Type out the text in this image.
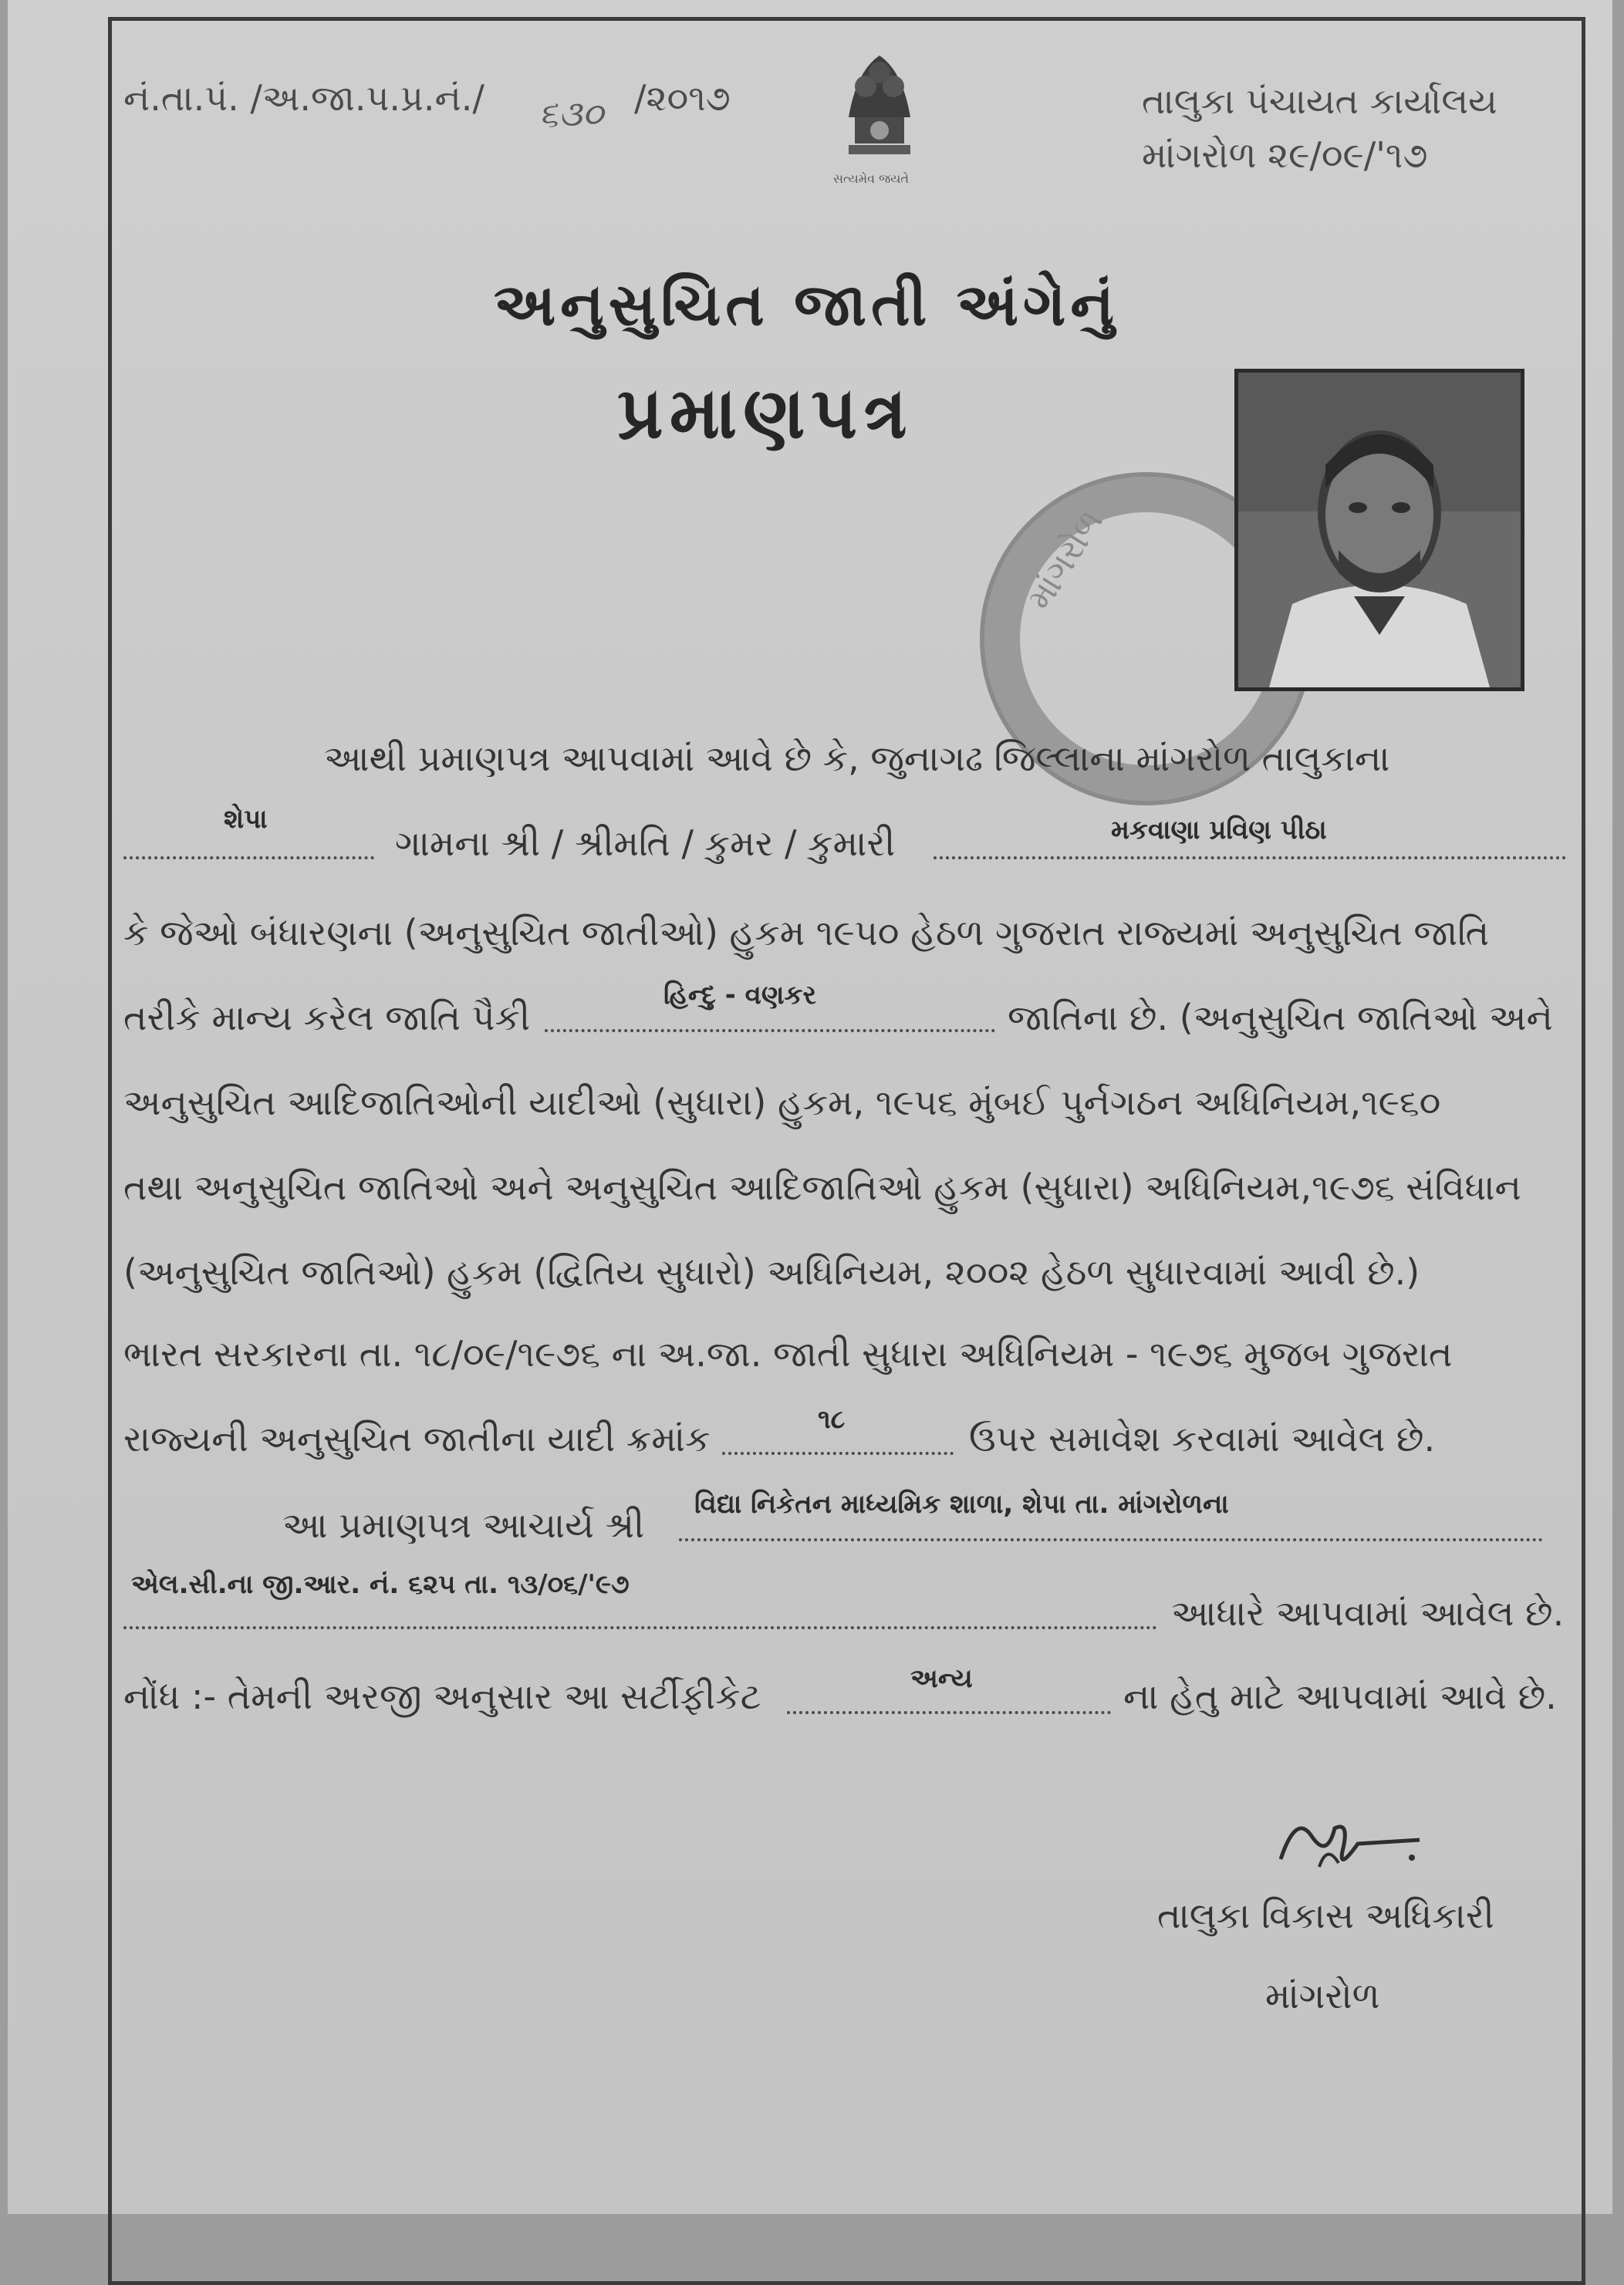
નં.તા.પં. /અ.જા.પ.પ્ર.નં./ ૬૩૦ /૨૦૧૭
સત્યમેવ જયતે
તાલુકા પંચાયત કાર્યાલય
માંગરોળ ૨૯/૦૯/'૧૭
અનુસુચિત જાતી અંગેનું
પ્રમાણપત્ર
માંગરોળ
આથી પ્રમાણપત્ર આપવામાં આવે છે કે, જુનાગઢ જિલ્લાના માંગરોળ તાલુકાના
શેપા
ગામના શ્રી / શ્રીમતિ / કુમર / કુમારી	મકવાણા પ્રવિણ પીઠા
કે જેઓ બંધારણના (અનુસુચિત જાતીઓ) હુકમ ૧૯૫૦ હેઠળ ગુજરાત રાજ્યમાં અનુસુચિત જાતિ
તરીકે માન્ય કરેલ જાતિ પૈકી
હિન્દુ - વણકર
જાતિના છે. (અનુસુચિત જાતિઓ અને
અનુસુચિત આદિજાતિઓની યાદીઓ (સુધારા) હુકમ, ૧૯૫૬ મુંબઈ પુર્નગઠન અધિનિયમ,૧૯૬૦
તથા અનુસુચિત જાતિઓ અને અનુસુચિત આદિજાતિઓ હુકમ (સુધારા) અધિનિયમ,૧૯૭૬ સંવિધાન
(અનુસુચિત જાતિઓ) હુકમ (દ્વિતિય સુધારો) અધિનિયમ, ૨૦૦૨ હેઠળ સુધારવામાં આવી છે.)
ભારત સરકારના તા. ૧૮/૦૯/૧૯૭૬ ના અ.જા. જાતી સુધારા અધિનિયમ - ૧૯૭૬ મુજબ ગુજરાત
રાજ્યની અનુસુચિત જાતીના યાદી ક્રમાંક	૧૮	ઉપર સમાવેશ કરવામાં આવેલ છે.
આ પ્રમાણપત્ર આચાર્ય શ્રી વિદ્યા નિકેતન માધ્યમિક શાળા, શેપા તા. માંગરોળના
એલ.સી.ના જી.આર. નં. ૬૨૫ તા. ૧૩/૦૬/'૯૭
આધારે આપવામાં આવેલ છે.
નોંધ :- તેમની અરજી અનુસાર આ સર્ટીફીકેટ	અન્ય	ના હેતુ માટે આપવામાં આવે છે.
તાલુકા વિકાસ અધિકારી
માંગરોળ
